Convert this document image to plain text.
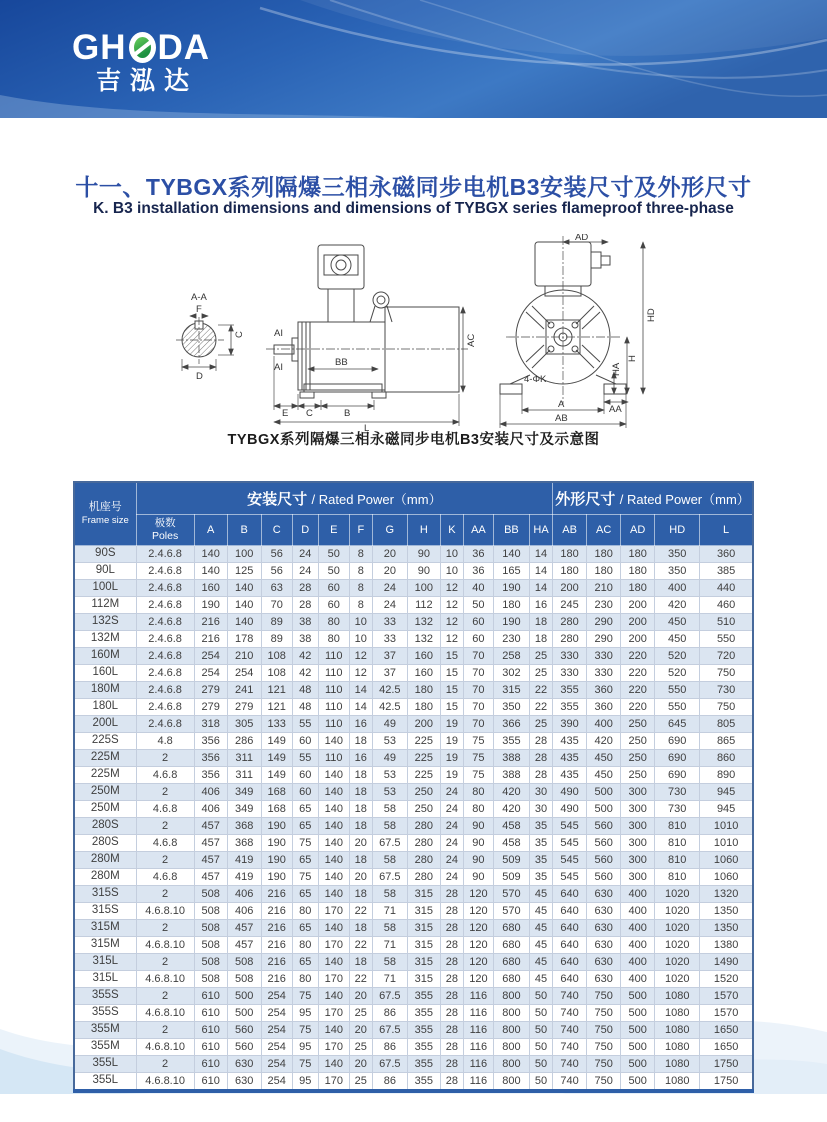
GH DA
吉泓达
十一、TYBGX系列隔爆三相永磁同步电机B3安装尺寸及外形尺寸
K. B3 installation dimensions and dimensions of TYBGX series flameproof three-phase
A-A
F
C
D
AI
AI	BB
E C	B
L
AC
AD
HD
H
HA
AA
4-ΦK
A
AB
TYBGX系列隔爆三相永磁同步电机B3安装尺寸及示意图
机座号
Frame size	安装尺寸 / Rated Power（mm）													外形尺寸 / Rated Power（mm）				

	极数
Poles	A	B	C	D	E	F	G	H	K	AA	BB	HA	AB	AC	AD	HD	L
90S	2.4.6.8	140	100	56	24	50	8	20	90	10	36	140	14	180	180	180	350	360
90L	2.4.6.8	140	125	56	24	50	8	20	90	10	36	165	14	180	180	180	350	385
100L	2.4.6.8	160	140	63	28	60	8	24	100	12	40	190	14	200	210	180	400	440
112M	2.4.6.8	190	140	70	28	60	8	24	112	12	50	180	16	245	230	200	420	460
132S	2.4.6.8	216	140	89	38	80	10	33	132	12	60	190	18	280	290	200	450	510
132M	2.4.6.8	216	178	89	38	80	10	33	132	12	60	230	18	280	290	200	450	550
160M	2.4.6.8	254	210	108	42	110	12	37	160	15	70	258	25	330	330	220	520	720
160L	2.4.6.8	254	254	108	42	110	12	37	160	15	70	302	25	330	330	220	520	750
180M	2.4.6.8	279	241	121	48	110	14	42.5	180	15	70	315	22	355	360	220	550	730
180L	2.4.6.8	279	279	121	48	110	14	42.5	180	15	70	350	22	355	360	220	550	750
200L	2.4.6.8	318	305	133	55	110	16	49	200	19	70	366	25	390	400	250	645	805
225S	4.8	356	286	149	60	140	18	53	225	19	75	355	28	435	420	250	690	865
225M	2	356	311	149	55	110	16	49	225	19	75	388	28	435	450	250	690	860
225M	4.6.8	356	311	149	60	140	18	53	225	19	75	388	28	435	450	250	690	890
250M	2	406	349	168	60	140	18	53	250	24	80	420	30	490	500	300	730	945
250M	4.6.8	406	349	168	65	140	18	58	250	24	80	420	30	490	500	300	730	945
280S	2	457	368	190	65	140	18	58	280	24	90	458	35	545	560	300	810	1010
280S	4.6.8	457	368	190	75	140	20	67.5	280	24	90	458	35	545	560	300	810	1010
280M	2	457	419	190	65	140	18	58	280	24	90	509	35	545	560	300	810	1060
280M	4.6.8	457	419	190	75	140	20	67.5	280	24	90	509	35	545	560	300	810	1060
315S	2	508	406	216	65	140	18	58	315	28	120	570	45	640	630	400	1020	1320
315S	4.6.8.10	508	406	216	80	170	22	71	315	28	120	570	45	640	630	400	1020	1350
315M	2	508	457	216	65	140	18	58	315	28	120	680	45	640	630	400	1020	1350
315M	4.6.8.10	508	457	216	80	170	22	71	315	28	120	680	45	640	630	400	1020	1380
315L	2	508	508	216	65	140	18	58	315	28	120	680	45	640	630	400	1020	1490
315L	4.6.8.10	508	508	216	80	170	22	71	315	28	120	680	45	640	630	400	1020	1520
355S	2	610	500	254	75	140	20	67.5	355	28	116	800	50	740	750	500	1080	1570
355S	4.6.8.10	610	500	254	95	170	25	86	355	28	116	800	50	740	750	500	1080	1570
355M	2	610	560	254	75	140	20	67.5	355	28	116	800	50	740	750	500	1080	1650
355M	4.6.8.10	610	560	254	95	170	25	86	355	28	116	800	50	740	750	500	1080	1650
355L	2	610	630	254	75	140	20	67.5	355	28	116	800	50	740	750	500	1080	1750
355L	4.6.8.10	610	630	254	95	170	25	86	355	28	116	800	50	740	750	500	1080	1750
